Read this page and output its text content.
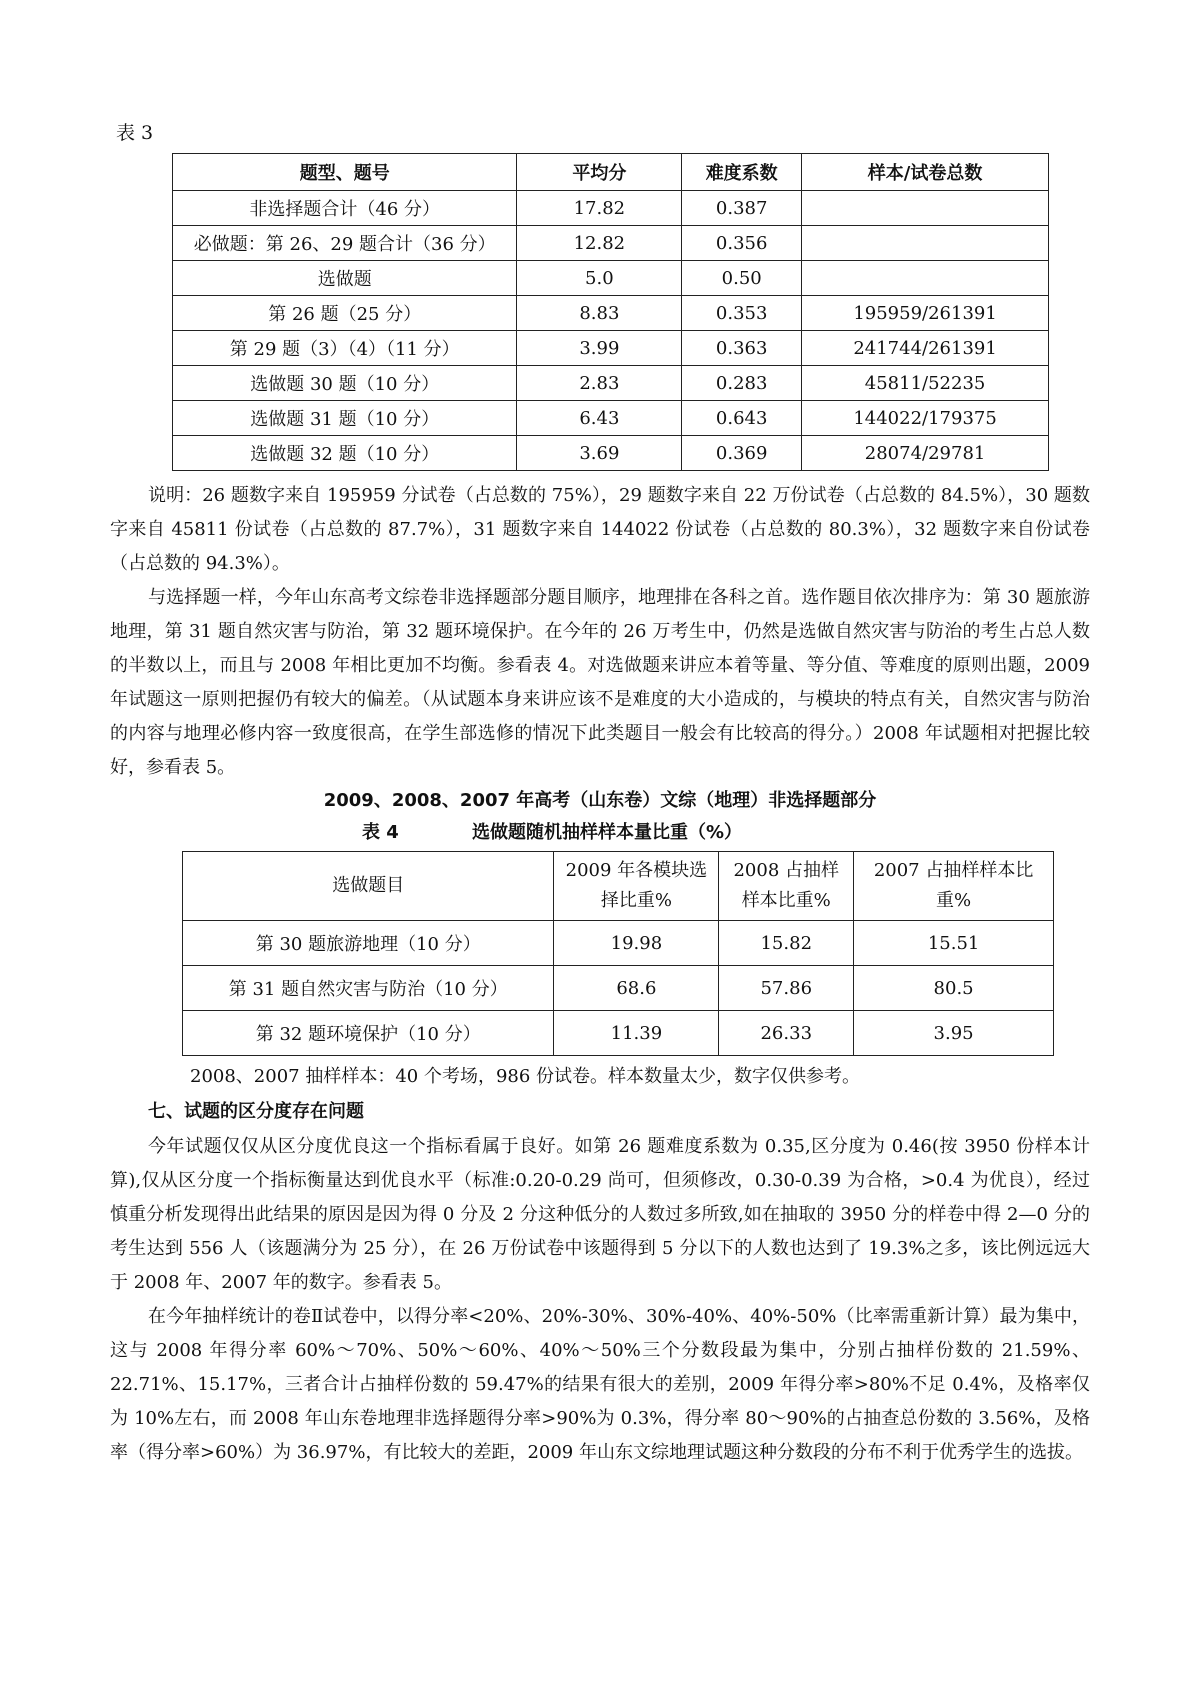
表 3
题型、题号	平均分	难度系数	样本/试卷总数
非选择题合计（46 分）	17.82	0.387	
必做题：第 26、29 题合计（36 分）	12.82	0.356	
选做题	5.0	0.50	
第 26 题（25 分）	8.83	0.353	195959/261391
第 29 题（3）（4）（11 分）	3.99	0.363	241744/261391
选做题 30 题（10 分）	2.83	0.283	45811/52235
选做题 31 题（10 分）	6.43	0.643	144022/179375
选做题 32 题（10 分）	3.69	0.369	28074/29781

说明：26 题数字来自 195959 分试卷（占总数的 75%），29 题数字来自 22 万份试卷（占总数的 84.5%），30 题数字来自 45811 份试卷（占总数的 87.7%），31 题数字来自 144022 份试卷（占总数的 80.3%），32 题数字来自份试卷（占总数的 94.3%）。

与选择题一样，今年山东高考文综卷非选择题部分题目顺序，地理排在各科之首。选作题目依次排序为：第 30 题旅游地理，第 31 题自然灾害与防治，第 32 题环境保护。在今年的 26 万考生中，仍然是选做自然灾害与防治的考生占总人数的半数以上，而且与 2008 年相比更加不均衡。参看表 4。对选做题来讲应本着等量、等分值、等难度的原则出题，2009 年试题这一原则把握仍有较大的偏差。（从试题本身来讲应该不是难度的大小造成的，与模块的特点有关，自然灾害与防治的内容与地理必修内容一致度很高，在学生部选修的情况下此类题目一般会有比较高的得分。）2008 年试题相对把握比较好，参看表 5。

2009、2008、2007 年高考（山东卷）文综（地理）非选择题部分
表 4	选做题随机抽样样本量比重（%）
选做题目	2009 年各模块选择比重%	2008 占抽样样本比重%	2007 占抽样样本比重%
第 30 题旅游地理（10 分）	19.98	15.82	15.51
第 31 题自然灾害与防治（10 分）	68.6	57.86	80.5
第 32 题环境保护（10 分）	11.39	26.33	3.95
2008、2007 抽样样本：40 个考场，986 份试卷。样本数量太少，数字仅供参考。
七、试题的区分度存在问题

今年试题仅仅从区分度优良这一个指标看属于良好。如第 26 题难度系数为 0.35,区分度为 0.46(按 3950 份样本计算),仅从区分度一个指标衡量达到优良水平（标准:0.20-0.29 尚可，但须修改，0.30-0.39 为合格，>0.4 为优良），经过慎重分析发现得出此结果的原因是因为得 0 分及 2 分这种低分的人数过多所致,如在抽取的 3950 分的样卷中得 2—0 分的考生达到 556 人（该题满分为 25 分），在 26 万份试卷中该题得到 5 分以下的人数也达到了 19.3%之多，该比例远远大于 2008 年、2007 年的数字。参看表 5。

在今年抽样统计的卷Ⅱ试卷中，以得分率<20%、20%-30%、30%-40%、40%-50%（比率需重新计算）最为集中，这与 2008 年得分率 60%～70%、50%～60%、40%～50%三个分数段最为集中，分别占抽样份数的 21.59%、22.71%、15.17%，三者合计占抽样份数的 59.47%的结果有很大的差别，2009 年得分率>80%不足 0.4%，及格率仅为 10%左右，而 2008 年山东卷地理非选择题得分率>90%为 0.3%，得分率 80～90%的占抽查总份数的 3.56%，及格率（得分率>60%）为 36.97%，有比较大的差距，2009 年山东文综地理试题这种分数段的分布不利于优秀学生的选拔。
